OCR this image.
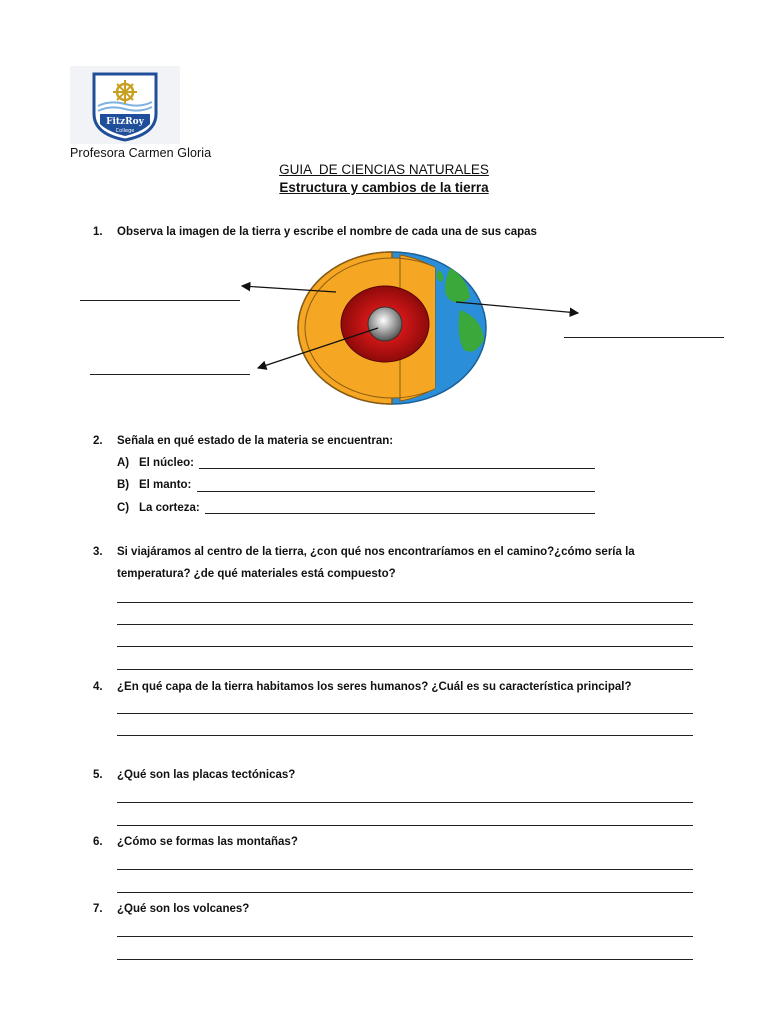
FitzRoy
College
Profesora Carmen Gloria
GUIA  DE CIENCIAS NATURALES
Estructura y cambios de la tierra
1. Observa la imagen de la tierra y escribe el nombre de cada una de sus capas
2. Señala en qué estado de la materia se encuentran:
A) El núcleo:
B) El manto:
C) La corteza:
3. Si viajáramos al centro de la tierra, ¿con qué nos encontraríamos en el camino?¿cómo sería la
temperatura? ¿de qué materiales está compuesto?
4. ¿En qué capa de la tierra habitamos los seres humanos? ¿Cuál es su característica principal?
5. ¿Qué son las placas tectónicas?
6. ¿Cómo se formas las montañas?
7. ¿Qué son los volcanes?
